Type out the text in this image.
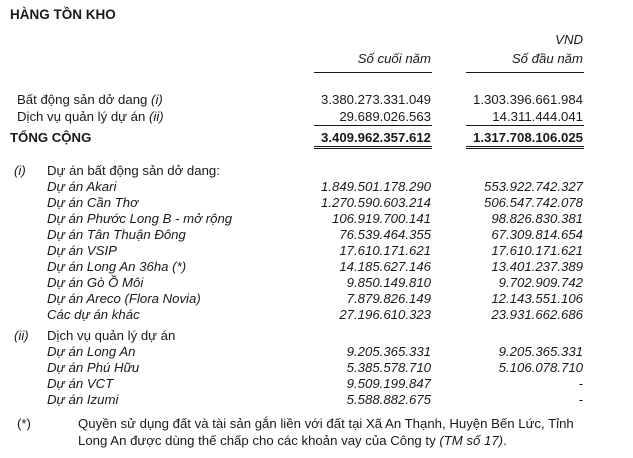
HÀNG TỒN KHO
VND
Số cuối năm	Số đầu năm
Bất động sản dở dang (i)	3.380.273.331.049	1.303.396.661.984
Dịch vụ quản lý dự án (ii)	29.689.026.563	14.311.444.041
TỔNG CỘNG	3.409.962.357.612	1.317.708.106.025
(i) Dự án bất động sản dở dang:
Dự án Akari	1.849.501.178.290	553.922.742.327
Dự án Cần Thơ	1.270.590.603.214	506.547.742.078
Dự án Phước Long B - mở rộng	106.919.700.141	98.826.830.381
Dự án Tân Thuận Đông	76.539.464.355	67.309.814.654
Dự án VSIP	17.610.171.621	17.610.171.621
Dự án Long An 36ha (*)	14.185.627.146	13.401.237.389
Dự án Gò Ồ Môi	9.850.149.810	9.702.909.742
Dự án Areco (Flora Novia)	7.879.826.149	12.143.551.106
Các dự án khác	27.196.610.323	23.931.662.686
(ii) Dịch vụ quản lý dự án
Dự án Long An	9.205.365.331	9.205.365.331
Dự án Phú Hữu	5.385.578.710	5.106.078.710
Dự án VCT	9.509.199.847	-
Dự án Izumi	5.588.882.675	-
(*)	Quyền sử dụng đất và tài sản gắn liền với đất tại Xã An Thạnh, Huyện Bến Lức, Tỉnh
Long An được dùng thế chấp cho các khoản vay của Công ty (TM số 17).
